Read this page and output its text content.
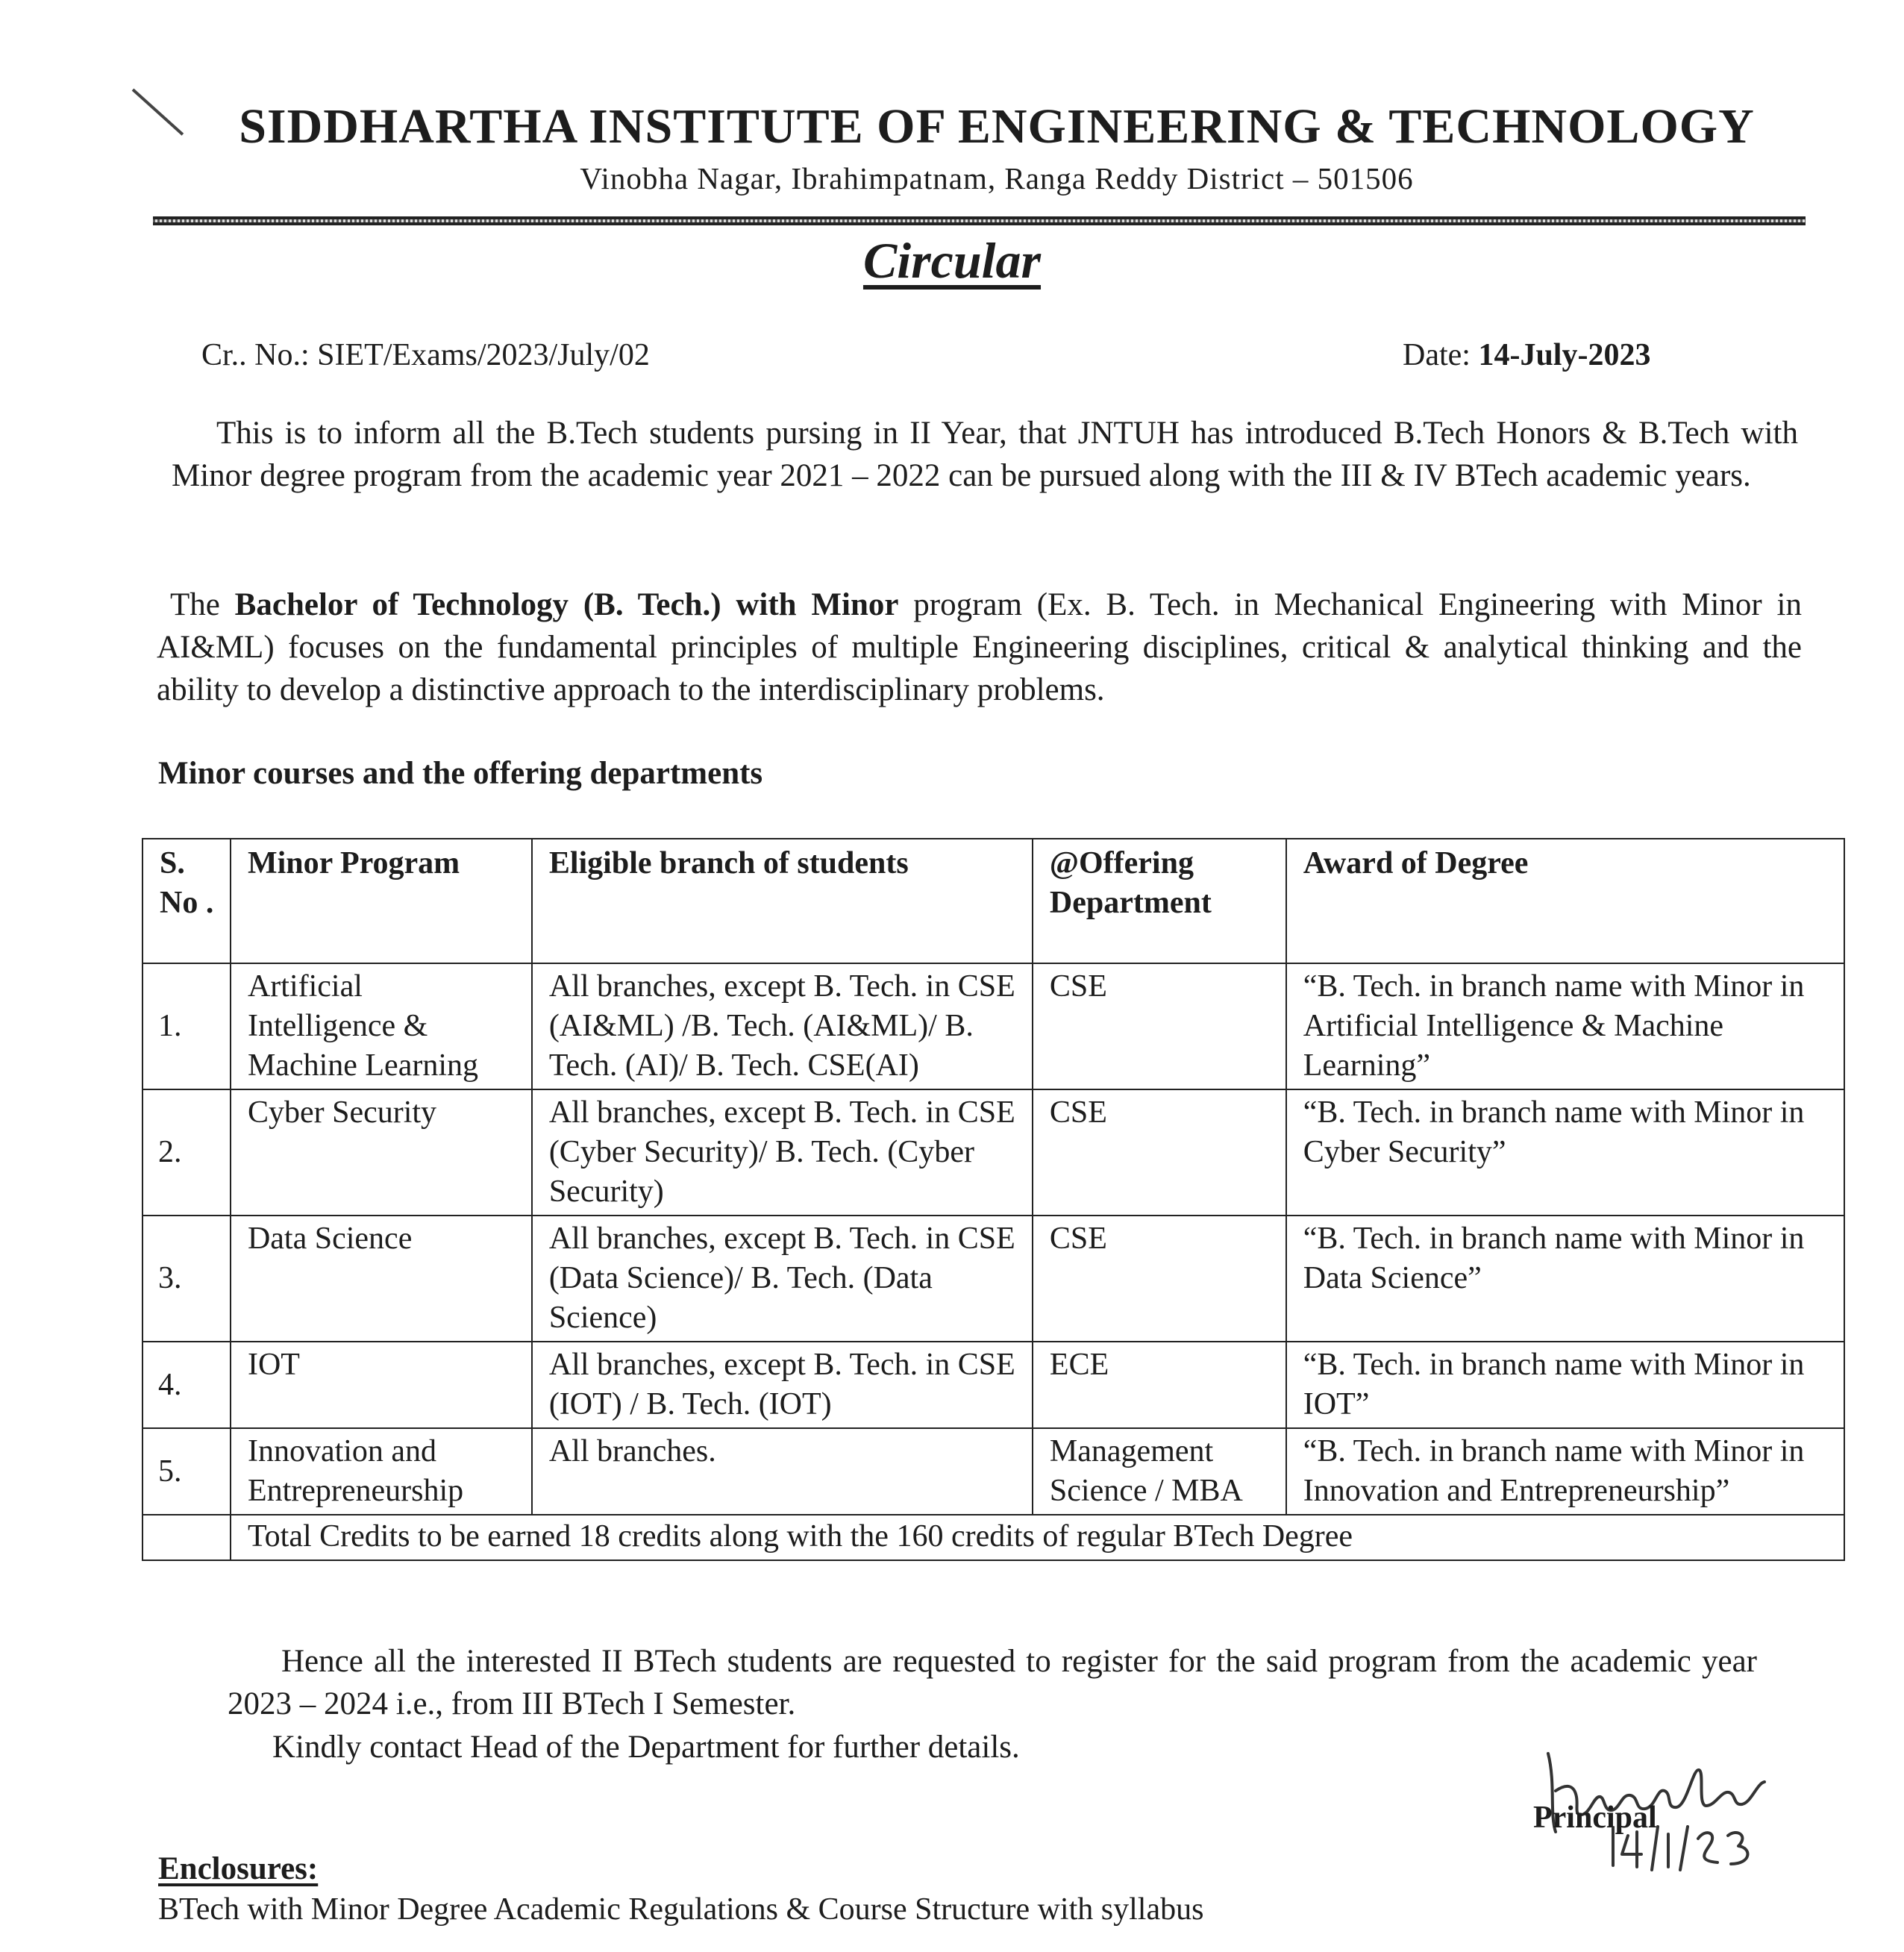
SIDDHARTHA INSTITUTE OF ENGINEERING & TECHNOLOGY
Vinobha Nagar, Ibrahimpatnam, Ranga Reddy District – 501506
Circular
Cr.. No.: SIET/Exams/2023/July/02	Date: 14-July-2023
This is to inform all the B.Tech students pursing in II Year, that JNTUH has introduced B.Tech Honors & B.Tech with Minor degree program from the academic year 2021 – 2022 can be pursued along with the III & IV BTech academic years.
The Bachelor of Technology (B. Tech.) with Minor program (Ex. B. Tech. in Mechanical Engineering with Minor in AI&ML) focuses on the fundamental principles of multiple Engineering disciplines, critical & analytical thinking and the ability to develop a distinctive approach to the interdisciplinary problems.
Minor courses and the offering departments
S. No .	Minor Program	Eligible branch of students	@Offering Department	Award of Degree
1.	Artificial Intelligence & Machine Learning	All branches, except B. Tech. in CSE (AI&ML) /B. Tech. (AI&ML)/ B. Tech. (AI)/ B. Tech. CSE(AI)	CSE	“B. Tech. in branch name with Minor in Artificial Intelligence & Machine Learning”
2.	Cyber Security	All branches, except B. Tech. in CSE (Cyber Security)/ B. Tech. (Cyber Security)	CSE	“B. Tech. in branch name with Minor in Cyber Security”
3.	Data Science	All branches, except B. Tech. in CSE (Data Science)/ B. Tech. (Data Science)	CSE	“B. Tech. in branch name with Minor in Data Science”
4.	IOT	All branches, except B. Tech. in CSE (IOT) / B. Tech. (IOT)	ECE	“B. Tech. in branch name with Minor in IOT”
5.	Innovation and Entrepreneurship	All branches.	Management Science / MBA	“B. Tech. in branch name with Minor in Innovation and Entrepreneurship”
	Total Credits to be earned 18 credits along with the 160 credits of regular BTech Degree			
Hence all the interested II BTech students are requested to register for the said program from the academic year 2023 – 2024 i.e., from III BTech I Semester.
Kindly contact Head of the Department for further details.
Principal
Enclosures:
BTech with Minor Degree Academic Regulations & Course Structure with syllabus
